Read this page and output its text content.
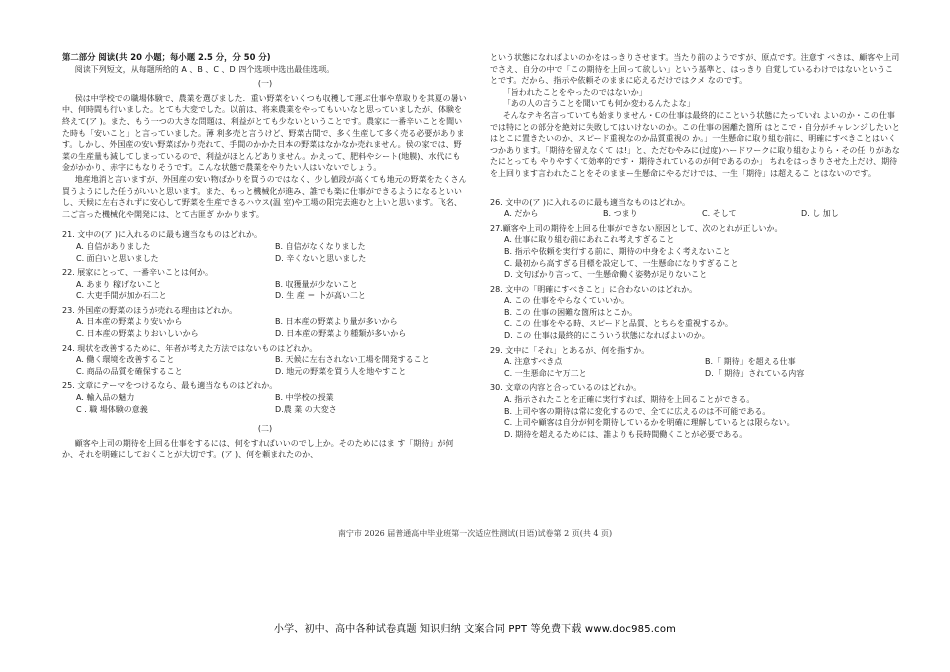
第二部分 阅读(共 20 小题；每小题 2.5 分，分 50 分)

阅读下列短文，从每题所给的 A 、B 、C 、D 四个选项中选出最佳选项。

(一)

侯は中学校での職場体験で、農業を選びました．重い野菜をいくつも収穫して運ぶ仕事や草取りを其夏の暑い中、何時間も行いました。とても大変でした。以前は、将来農業をやってもいいなと思っていましたが、体験を終えて(ア )。また、もう一つの大きな問題は、利益がとても少ないということです。農家に一番辛いことを聞いた時も「安いこと」と言っていました。薄 利多売と言うけど、野菜古間で、多く生産して多く売る必要があります。しかし、外国産の安い野菜ばかり売れて、手間のかかた日本の野菜はなかなか売れません。侯の家では、野菜の生産量も減してしまっているので、利益がほとんどありません。かえって、肥料やシート(地膜)、水代にも金がかかり、赤字にもなりそうです。こんな状態で農業をやりたい人はいないでしょう。

地産地消と言いますが、外国産の安い物ばかりを買うのではなく、少し値段が高くても地元の野菜をたくさん買うようにした任うがいいと思います。また、もっと機械化が進み、誰でも楽に仕事ができるようになるといいし、天候に左右されずに安心して野菜を生産できるハウス(温 室)や工場の阳完去進むと上いと思います。飞名、二ご言った機械化や開発には、とて古匪ぎ かかります。

21. 文中の(ア )に入れるのに最も適当なものはどれか。
A. 自信がありました	B. 自信がなくなりました
C. 面白いと思いました	D. 辛くないと思いました
22. 展家にとって、一番辛いことは何か。
A. あまり 稼げないこと	B. 収獲量が少ないこと
C. 大吏手間が加か石二と	D. 生 産 ＝ 卜が高い二と
23. 外国産の野菜のほうが売れる理由はどれか。
A. 日本産の野菜より安いから	B. 日本産の野菜より量が多いから
C. 日本産の野菜よりおいしいから	D. 日本産の野菜より種類が多いから
24. 現状を改善するために、年者が考えた方法ではないものはどれか。
A. 働く環境を改善すること	B. 天候に左右されない工場を開発すること
C. 商品の品質を確保すること	D. 地元の野菜を買う人を地やすこと
25. 文章にテーマをつけるなら、最も適当なものはどれか。
A. 輸入品の魅力	B. 中学校の授業
C . 職 場体験の意義	D.農 業 の大変さ

(二)

顧客や上司の期待を上回る仕事をするには、何をすればいいのでし上か。そのためにはま す「期待」が何か、それを明確にしておくことが大切です。(ア )、何を頼まれたのか、

という状態になればよいのかをはっきりさせます。当たり前のようですが、原点です。注意す べきは、顧客や上司でさえ、自分の中で「この期待を上回って欲しい」という基準と、はっきり 自覚しているわけではないということです。だから、指示や依頼そのままに応えるだけではクメ なのです。

「旨われたことをやったのではないか」

「あの人の言うことを聞いても何か変わるんたよな」

そんなテキ名言っていても始まりません・ℂの仕事は最終的にこという状態にたっていれ よいのか・この仕事では特にとの部分を絶対に失敗してはいけないのか。この仕事の困離た箇所 はとこで・自分がチャレンジしたいとはとこに置きたいのか、スピード重視なのか品質重視の か。」一生懸命に取り組む前に、明確にすべきことはいくつかあります。「期待を留えなくて は!」と、ただむやみに(过度)ハードワークに取り組むよりら・その任 りがあなたにとっても やりやすくて効率的です・ 期待されているのが何であるのか」 ちれをはっきりさせた上だけ、期待を上回ります言われたことをそのままー生懸命にやるだけでは、一生「期待」は超えるこ とはないのです。

26. 文中の(ア )に入れるのに最も適当なものはどれか。
A. だから	B. つまり	C. そして	D. し 加し
27.顧客や上司の期待を上回る仕事ができない原因として、次のとれが正しいか。
A. 仕事に取り組む前にあれこれ考えすぎること
B. 指示や依頼を実行する前に、期待の中身をよく考えないこと
C. 最初から高すぎる目標を設定して、一生懸命になりすぎること
D. 文句ばかり言って、一生懸命働く姿勢が足りないこと
28. 文中の「明確にすべきこと」に合わないのはどれか。
A. この 仕事をやらなくていいか。
B. この 仕事の困難な箇所はとこか。
C. この 仕事をやる時、スピードと品質、とちらを重視するか。
D. この 仕事は最終的にこういう状態になればよいのか。
29. 文中に「それ」とあるが、何を指すか。
A. 注意すべき点	B.「 期待」を超える仕事
C. 一生悪命にヤ万二と	D.「 期待」されている内容
30. 文章の内容と合っているのはどれか。
A. 指示されたことを正確に実行すれば、期待を上回ることができる。
B. 上司や客の期待は常に変化するので、全てに広えるのは不可能である。
C. 上司や顧客は自分が何を期待しているかを明確に理解しているとは限らない。
D. 期待を超えるためには、誰よりも長時間働くことが必要である。
南宁市 2026 届普通高中毕业班第一次适应性测试(日语)试卷第 2 页(共 4 页)
小学、初中、高中各种试卷真题 知识归纳 文案合同 PPT 等免费下载 www.doc985.com
